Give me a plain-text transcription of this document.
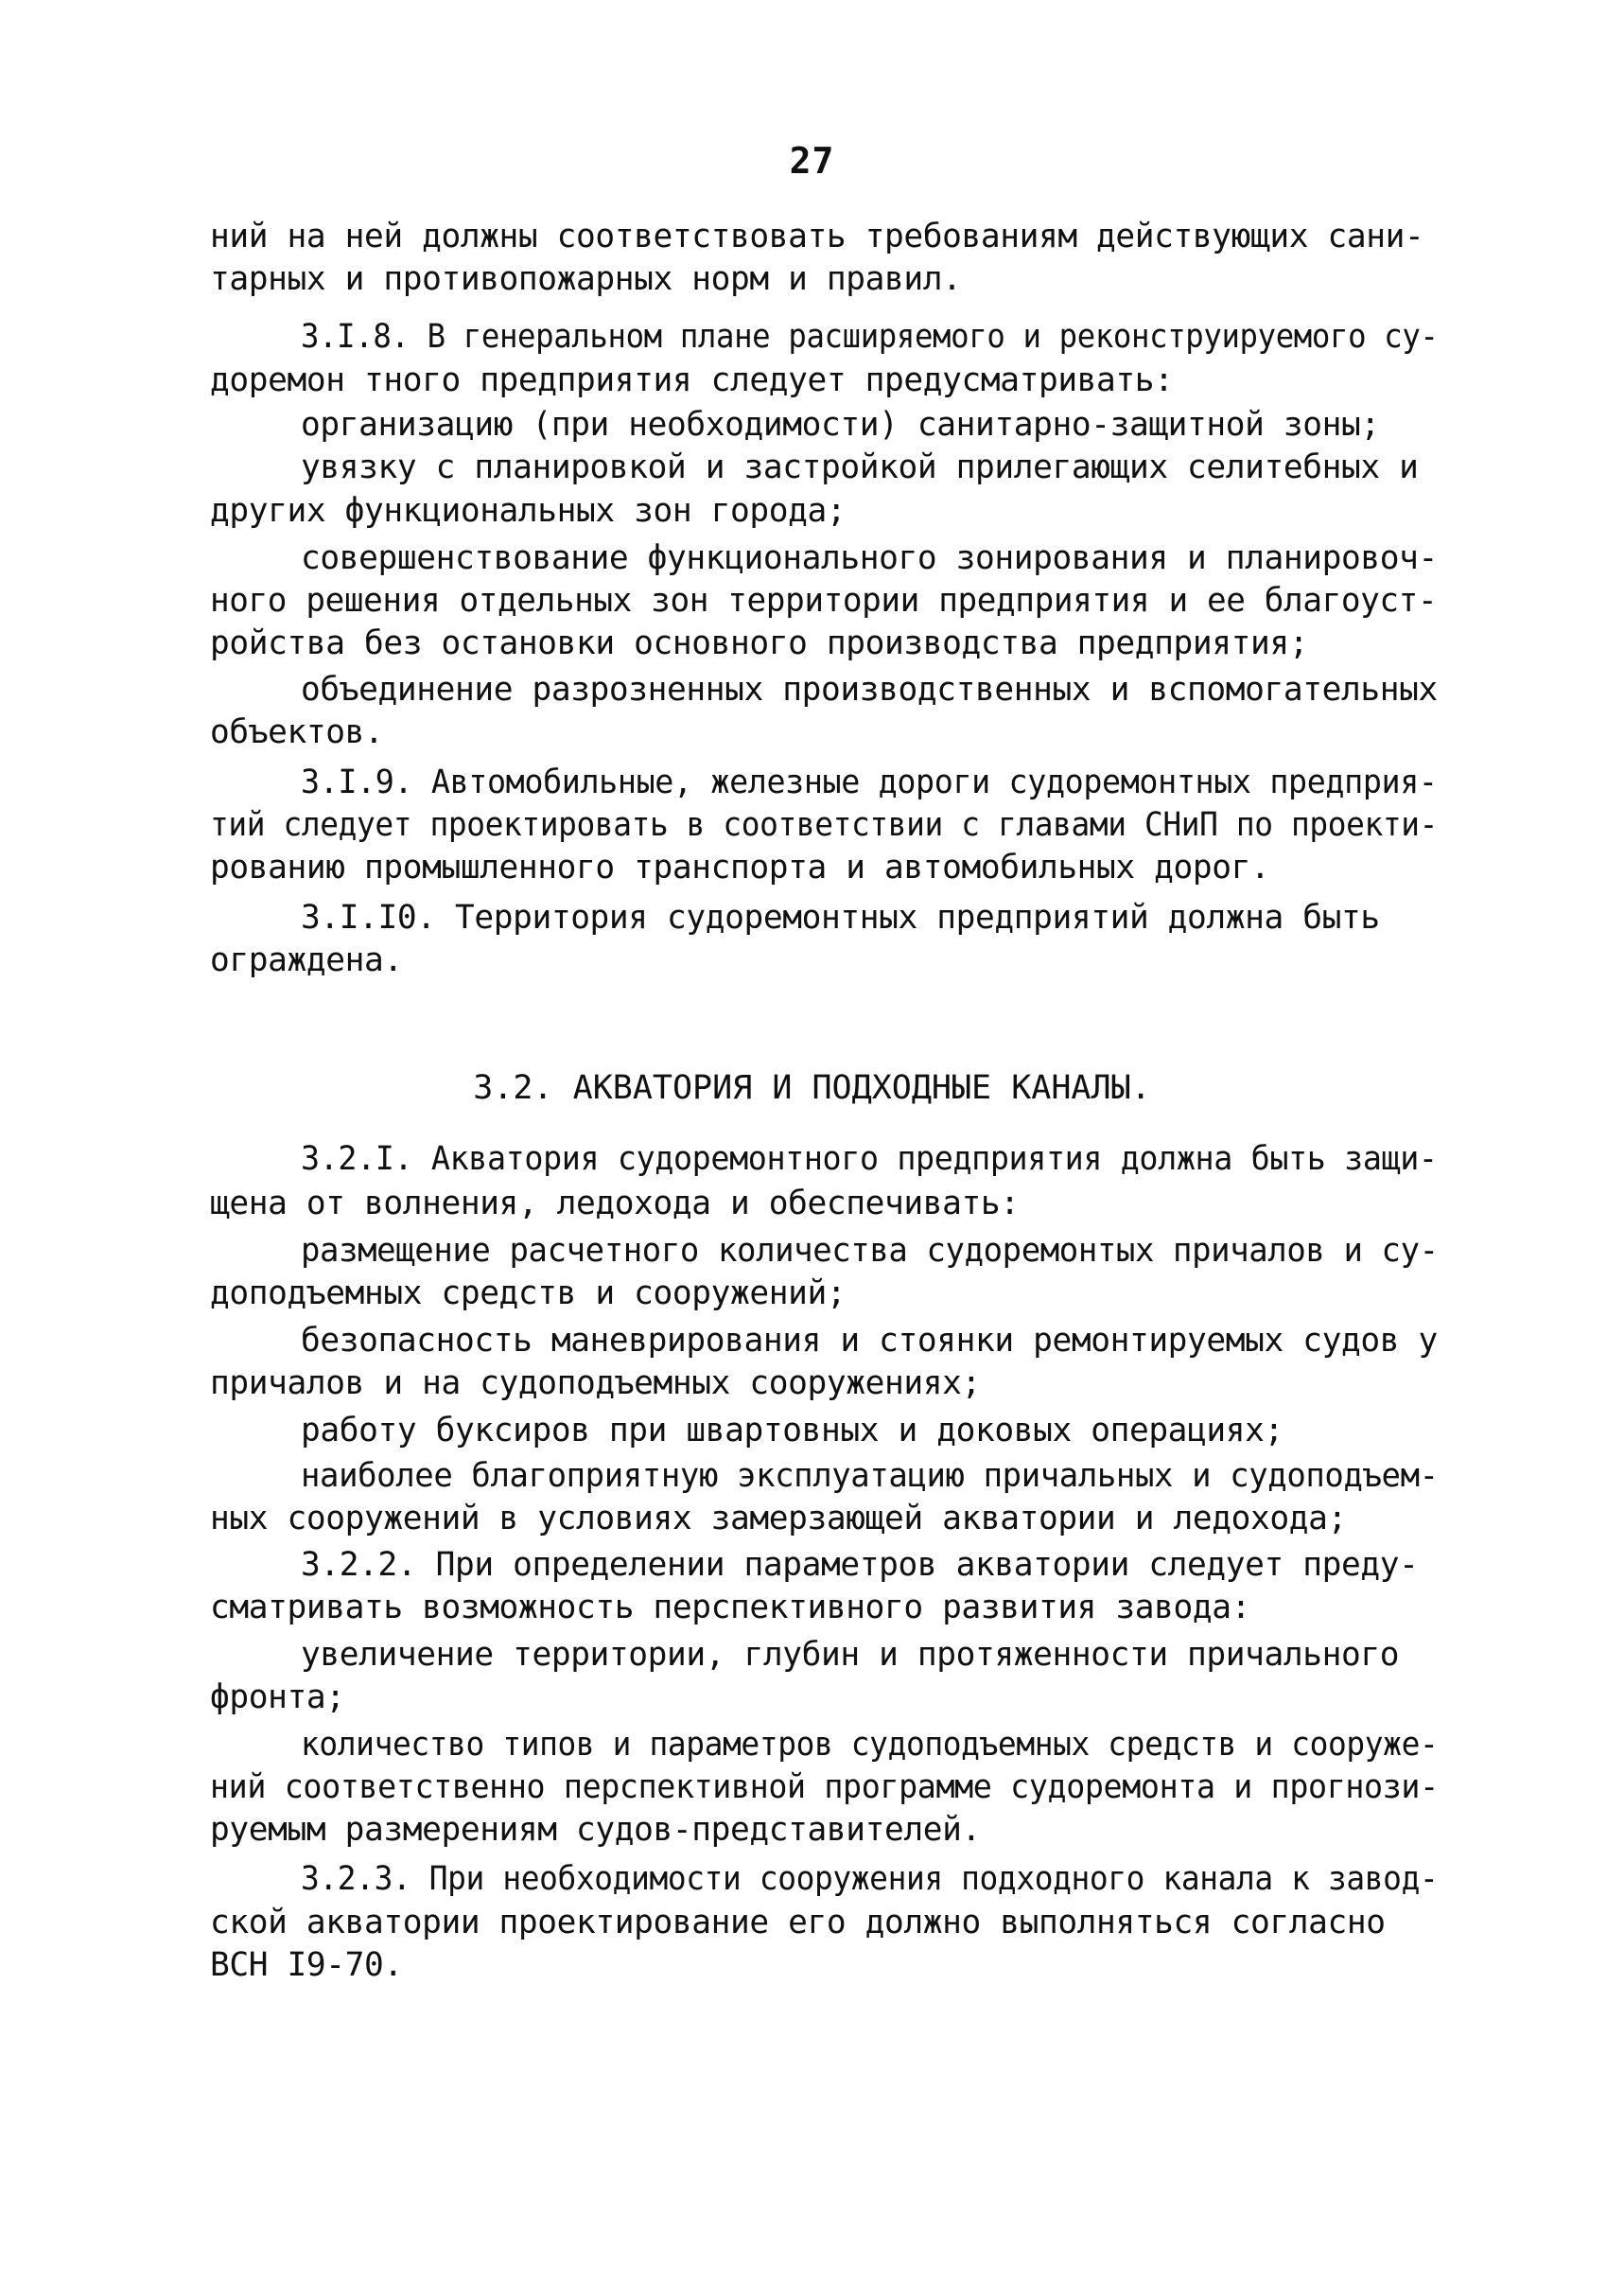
27
ний на ней должны соответствовать требованиям действующих сани-
тарных и противопожарных норм и правил.
3.I.8. В генеральном плане расширяемого и реконструируемого су-
доремон тного предприятия следует предусматривать:
организацию (при необходимости) санитарно-защитной зоны;
увязку с планировкой и застройкой прилегающих селитебных и
других функциональных зон города;
совершенствование функционального зонирования и планировоч-
ного решения отдельных зон территории предприятия и ее благоуст-
ройства без остановки основного производства предприятия;
объединение разрозненных производственных и вспомогательных
объектов.
3.I.9. Автомобильные, железные дороги судоремонтных предприя-
тий следует проектировать в соответствии с главами СНиП по проекти-
рованию промышленного транспорта и автомобильных дорог.
3.I.I0. Территория судоремонтных предприятий должна быть
ограждена.
3.2. АКВАТОРИЯ И ПОДХОДНЫЕ КАНАЛЫ.
3.2.I. Акватория судоремонтного предприятия должна быть защи-
щена от волнения, ледохода и обеспечивать:
размещение расчетного количества судоремонтых причалов и су-
доподъемных средств и сооружений;
безопасность маневрирования и стоянки ремонтируемых судов у
причалов и на судоподъемных сооружениях;
работу буксиров при швартовных и доковых операциях;
наиболее благоприятную эксплуатацию причальных и судоподъем-
ных сооружений в условиях замерзающей акватории и ледохода;
3.2.2. При определении параметров акватории следует преду-
сматривать возможность перспективного развития завода:
увеличение территории, глубин и протяженности причального
фронта;
количество типов и параметров судоподъемных средств и сооруже-
ний соответственно перспективной программе судоремонта и прогнози-
руемым размерениям судов-представителей.
3.2.3. При необходимости сооружения подходного канала к завод-
ской акватории проектирование его должно выполняться согласно
ВСН I9-70.
